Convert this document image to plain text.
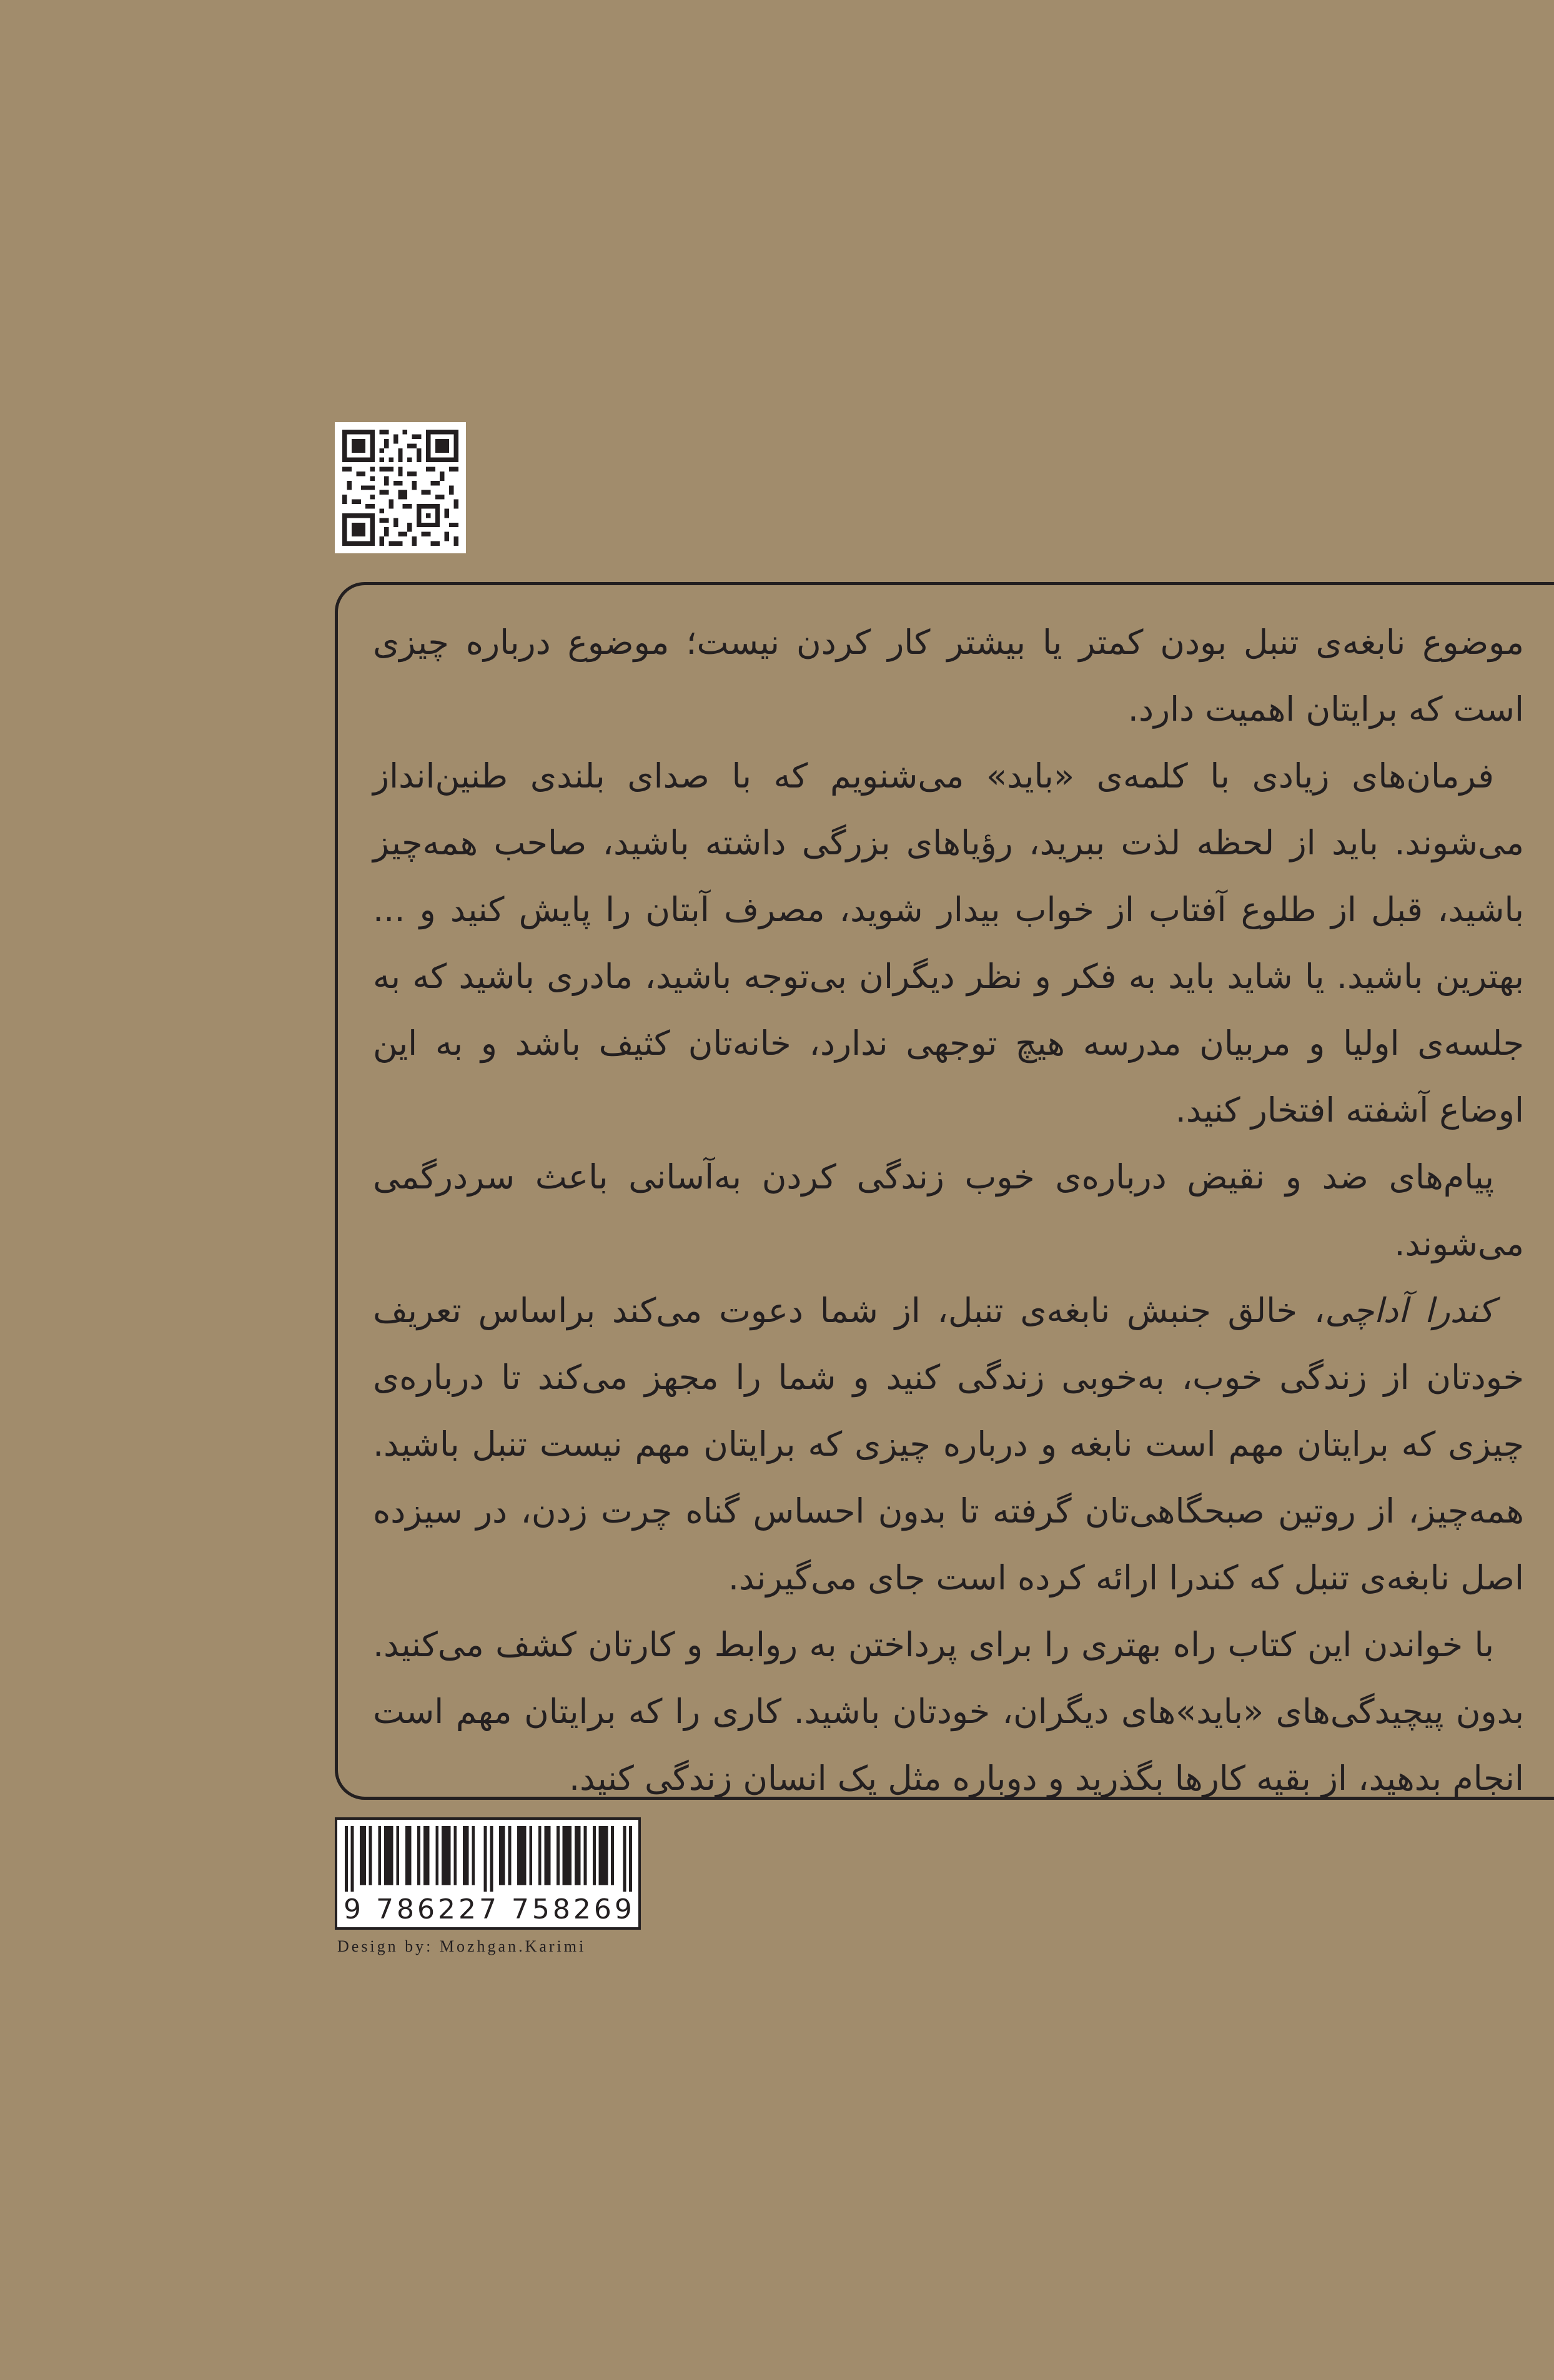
موضوع نابغه‌ی تنبل بودن کمتر یا بیشتر کار کردن نیست؛ موضوع درباره چیزی است که برایتان اهمیت دارد.

فرمان‌های زیادی با کلمه‌ی «باید» می‌شنویم که با صدای بلندی طنین‌انداز می‌شوند. باید از لحظه لذت ببرید، رؤیاهای بزرگی داشته باشید، صاحب همه‌چیز باشید، قبل از طلوع آفتاب از خواب بیدار شوید، مصرف آبتان را پایش کنید و ... بهترین باشید. یا شاید باید به فکر و نظر دیگران بی‌توجه باشید، مادری باشید که به جلسه‌ی اولیا و مربیان مدرسه هیچ توجهی ندارد، خانه‌تان کثیف باشد و به این اوضاع آشفته افتخار کنید.

پیام‌های ضد و نقیض درباره‌ی خوب زندگی کردن به‌آسانی باعث سردرگمی می‌شوند.

کندرا آداچی، خالق جنبش نابغه‌ی تنبل، از شما دعوت می‌کند براساس تعریف خودتان از زندگی خوب، به‌خوبی زندگی کنید و شما را مجهز می‌کند تا درباره‌ی چیزی که برایتان مهم است نابغه و درباره چیزی که برایتان مهم نیست تنبل باشید. همه‌چیز، از روتین صبحگاهی‌تان گرفته تا بدون احساس گناه چرت زدن، در سیزده اصل نابغه‌ی تنبل که کندرا ارائه کرده است جای می‌گیرند.

با خواندن این کتاب راه بهتری را برای پرداختن به روابط و کارتان کشف می‌کنید. بدون پیچیدگی‌های «باید»های دیگران، خودتان باشید. کاری را که برایتان مهم است انجام بدهید، از بقیه کارها بگذرید و دوباره مثل یک انسان زندگی کنید.

9 786227 758269
Design by: Mozhgan.Karimi
